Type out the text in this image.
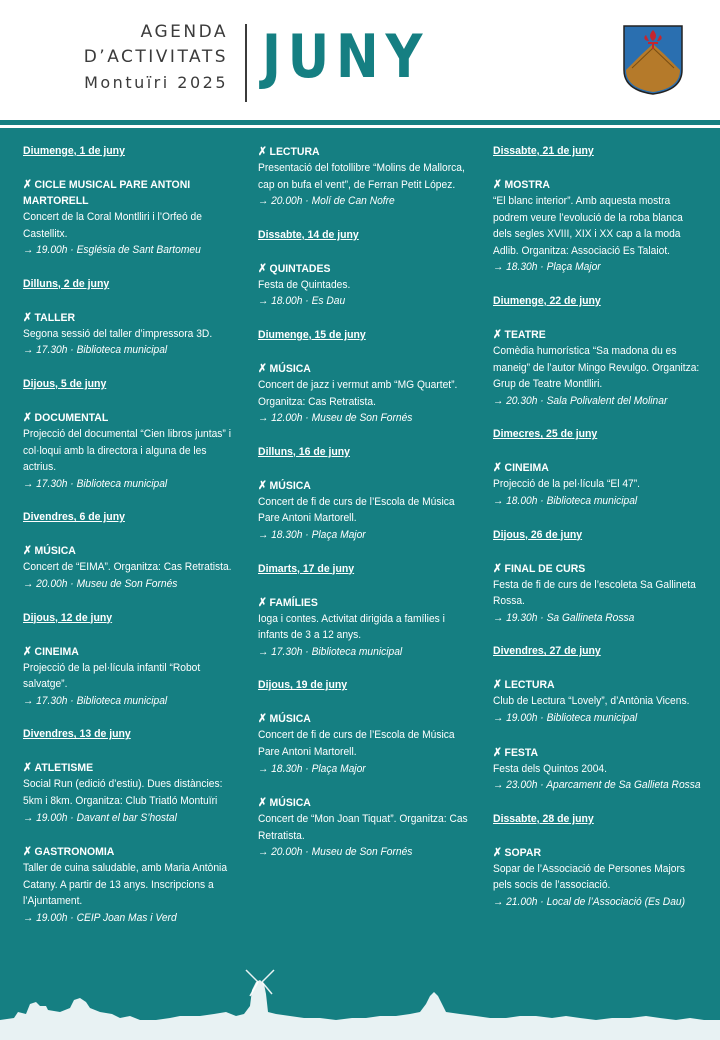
AGENDA
D’ACTIVITATS
Montuïri 2025 JUNY
Diumenge, 1 de juny
✗ CICLE MUSICAL PARE ANTONI MARTORELL
Concert de la Coral Montlliri i l’Orfeó de Castellitx.
→ 19.00h · Església de Sant Bartomeu
Dilluns, 2 de juny
✗ TALLER
Segona sessió del taller d’impressora 3D.
→ 17.30h · Biblioteca municipal
Dijous, 5 de juny
✗ DOCUMENTAL
Projecció del documental “Cien libros juntas” i col·loqui amb la directora i alguna de les actrius.
→ 17.30h · Biblioteca municipal
Divendres, 6 de juny
✗ MÚSICA
Concert de “EIMA”. Organitza: Cas Retratista.
→ 20.00h · Museu de Son Fornés
Dijous, 12 de juny
✗ CINEIMA
Projecció de la pel·lícula infantil “Robot salvatge”.
→ 17.30h · Biblioteca municipal
Divendres, 13 de juny
✗ ATLETISME
Social Run (edició d’estiu). Dues distàncies: 5km i 8km. Organitza: Club Triatló Montuïri
→ 19.00h · Davant el bar S’hostal
✗ GASTRONOMIA
Taller de cuina saludable, amb Maria Antònia Catany. A partir de 13 anys. Inscripcions a l’Ajuntament.
→ 19.00h · CEIP Joan Mas i Verd
✗ LECTURA
Presentació del fotollibre “Molins de Mallorca, cap on bufa el vent”, de Ferran Petit López.
→ 20.00h · Molí de Can Nofre
Dissabte, 14 de juny
✗ QUINTADES
Festa de Quintades.
→ 18.00h · Es Dau
Diumenge, 15 de juny
✗ MÚSICA
Concert de jazz i vermut amb “MG Quartet”. Organitza: Cas Retratista.
→ 12.00h · Museu de Son Fornés
Dilluns, 16 de juny
✗ MÚSICA
Concert de fi de curs de l’Escola de Música Pare Antoni Martorell.
→ 18.30h · Plaça Major
Dimarts, 17 de juny
✗ FAMÍLIES
Ioga i contes. Activitat dirigida a famílies i infants de 3 a 12 anys.
→ 17.30h · Biblioteca municipal
Dijous, 19 de juny
✗ MÚSICA
Concert de fi de curs de l’Escola de Música Pare Antoni Martorell.
→ 18.30h · Plaça Major
✗ MÚSICA
Concert de “Mon Joan Tiquat”. Organitza: Cas Retratista.
→ 20.00h · Museu de Son Fornés
Dissabte, 21 de juny
✗ MOSTRA
“El blanc interior”. Amb aquesta mostra podrem veure l’evolució de la roba blanca dels segles XVIII, XIX i XX cap a la moda Adlib. Organitza: Associació Es Talaiot.
→ 18.30h · Plaça Major
Diumenge, 22 de juny
✗ TEATRE
Comèdia humorística “Sa madona du es maneig” de l’autor Mingo Revulgo. Organitza: Grup de Teatre Montlliri.
→ 20.30h · Sala Polivalent del Molinar
Dimecres, 25 de juny
✗ CINEIMA
Projecció de la pel·lícula “El 47”.
→ 18.00h · Biblioteca municipal
Dijous, 26 de juny
✗ FINAL DE CURS
Festa de fi de curs de l’escoleta Sa Gallineta Rossa.
→ 19.30h · Sa Gallineta Rossa
Divendres, 27 de juny
✗ LECTURA
Club de Lectura “Lovely”, d’Antònia Vicens.
→ 19.00h · Biblioteca municipal
✗ FESTA
Festa dels Quintos 2004.
→ 23.00h · Aparcament de Sa Gallieta Rossa
Dissabte, 28 de juny
✗ SOPAR
Sopar de l’Associació de Persones Majors pels socis de l’associació.
→ 21.00h · Local de l’Associació (Es Dau)
